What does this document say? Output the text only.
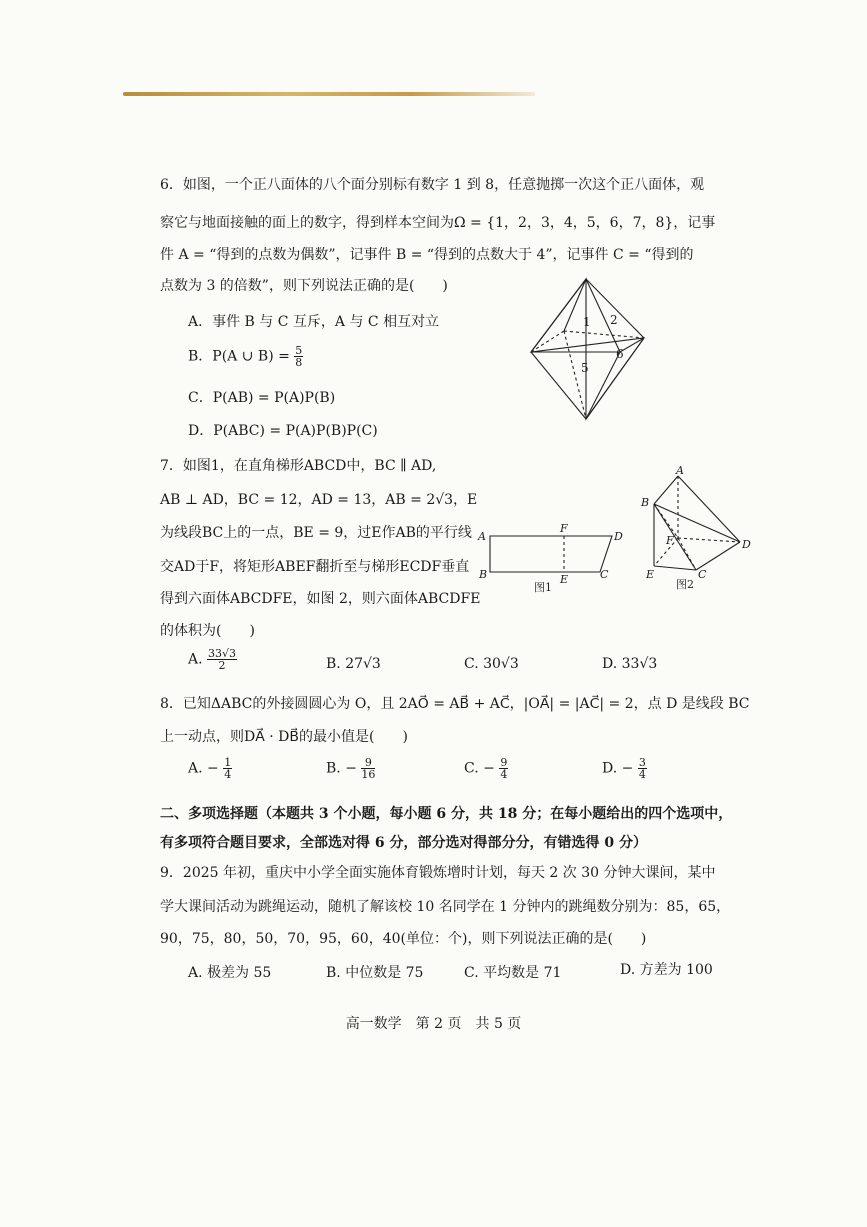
6．如图，一个正八面体的八个面分别标有数字 1 到 8，任意抛掷一次这个正八面体，观
察它与地面接触的面上的数字，得到样本空间为Ω = {1，2，3，4，5，6，7，8}，记事
件 A = “得到的点数为偶数”，记事件 B = “得到的点数大于 4”，记事件 C = “得到的
点数为 3 的倍数”，则下列说法正确的是(　　)
A．事件 B 与 C 互斥，A 与 C 相互对立
B．P(A ∪ $B) = \frac{5}{8}$
C．P(AB) = P(A)P(B)
D．P(ABC) = P(A)P(B)P(C)
1 2
5
6
7．如图1，在直角梯形ABCD中，BC ∥ AD,
AB ⊥ AD，BC = 12，AD = 13，AB = 2√3，E
为线段BC上的一点，BE = 9，过E作AB的平行线
交AD于F，将矩形ABEF翻折至与梯形ECDF垂直
得到六面体ABCDFE，如图 2，则六面体ABCDFE
的体积为(　　)
A
F
D
B	E	C
图1
A
B
F	D
E	C
图2
A. $\frac{33√3}{2}$	B. 27√3	C. 30√3	D. 33√3
8．已知ΔABC的外接圆圆心为 O，且 2AO⃗ = AB⃗ + AC⃗，|OA⃗| = |AC⃗| = 2，点 D 是线段 BC
上一动点，则DA⃗ · DB⃗的最小值是(　　)
A. − $\frac{1}{4}$	B. − $\frac{9}{16}$	C. − $\frac{9}{4}$	D. − $\frac{3}{4}$
二、多项选择题（本题共 3 个小题，每小题 6 分，共 18 分；在每小题给出的四个选项中，
有多项符合题目要求，全部选对得 6 分，部分选对得部分分，有错选得 0 分）
9．2025 年初，重庆中小学全面实施体育锻炼增时计划，每天 2 次 30 分钟大课间，某中
学大课间活动为跳绳运动，随机了解该校 10 名同学在 1 分钟内的跳绳数分别为：85，65，
90，75，80，50，70，95，60，40(单位：个)，则下列说法正确的是(　　)
A. 极差为 55	B. 中位数是 75	C. 平均数是 71	D. 方差为 100
高一数学　第 2 页　共 5 页
